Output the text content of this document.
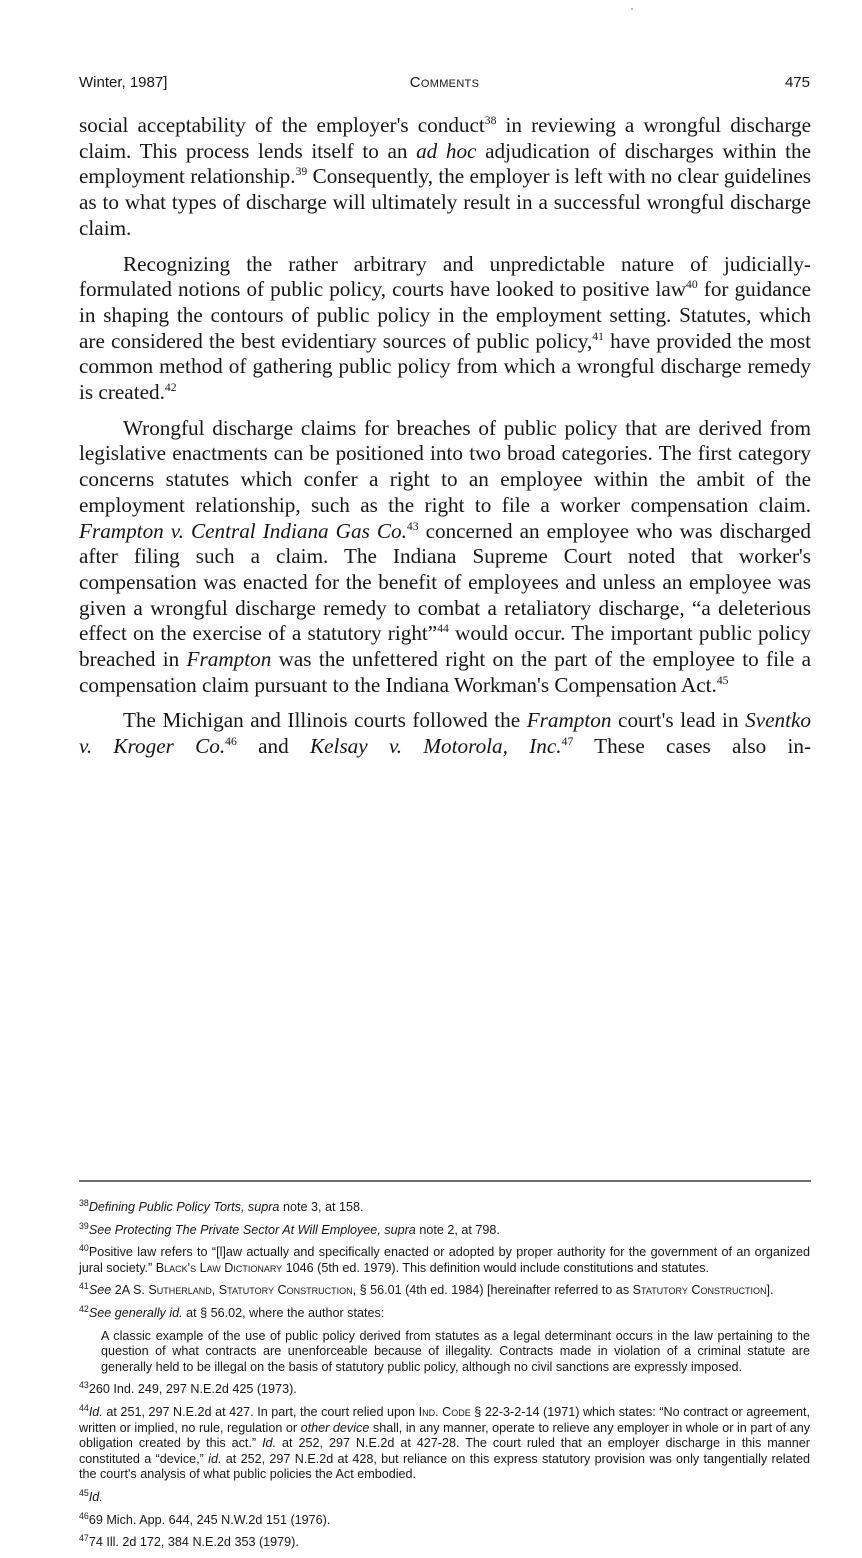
Winter, 1987]	Comments	475

social acceptability of the employer's conduct$^{38}$ in reviewing a wrongful discharge claim. This process lends itself to an ad hoc adjudication of discharges within the employment relationship.$^{39}$ Consequently, the employer is left with no clear guidelines as to what types of discharge will ultimately result in a successful wrongful discharge claim.

Recognizing the rather arbitrary and unpredictable nature of judicially-formulated notions of public policy, courts have looked to positive law$^{40}$ for guidance in shaping the contours of public policy in the employment setting. Statutes, which are considered the best evidentiary sources of public policy,$^{41}$ have provided the most common method of gathering public policy from which a wrongful discharge remedy is created.$^{42}$

Wrongful discharge claims for breaches of public policy that are derived from legislative enactments can be positioned into two broad categories. The first category concerns statutes which confer a right to an employee within the ambit of the employment relationship, such as the right to file a worker compensation claim. Frampton v. Central Indiana Gas Co.$^{43}$ concerned an employee who was discharged after filing such a claim. The Indiana Supreme Court noted that worker's compensation was enacted for the benefit of employees and unless an employee was given a wrongful discharge remedy to combat a retaliatory discharge, “a deleterious effect on the exercise of a statutory right”$^{44}$ would occur. The important public policy breached in Frampton was the unfettered right on the part of the employee to file a compensation claim pursuant to the Indiana Workman's Compensation Act.$^{45}$

The Michigan and Illinois courts followed the Frampton court's lead in Sventko v. Kroger Co.$^{46}$ and Kelsay v. Motorola, Inc.$^{47}$ These cases also in-

$^{38}$Defining Public Policy Torts, supra note 3, at 158.
$^{39}$See Protecting The Private Sector At Will Employee, supra note 2, at 798.
$^{40}$Positive law refers to “[l]aw actually and specifically enacted or adopted by proper authority for the government of an organized jural society.” Black's Law Dictionary 1046 (5th ed. 1979). This definition would include constitutions and statutes.
$^{41}$See 2A S. Sutherland, Statutory Construction, § 56.01 (4th ed. 1984) [hereinafter referred to as Statutory Construction].
$^{42}$See generally id. at § 56.02, where the author states:
A classic example of the use of public policy derived from statutes as a legal determinant occurs in the law pertaining to the question of what contracts are unenforceable because of illegality. Contracts made in violation of a criminal statute are generally held to be illegal on the basis of statutory public policy, although no civil sanctions are expressly imposed.
$^{43}$260 Ind. 249, 297 N.E.2d 425 (1973).
$^{44}$Id. at 251, 297 N.E.2d at 427. In part, the court relied upon Ind. Code § 22-3-2-14 (1971) which states: “No contract or agreement, written or implied, no rule, regulation or other device shall, in any manner, operate to relieve any employer in whole or in part of any obligation created by this act.” Id. at 252, 297 N.E.2d at 427-28. The court ruled that an employer discharge in this manner constituted a “device,” id. at 252, 297 N.E.2d at 428, but reliance on this express statutory provision was only tangentially related the court's analysis of what public policies the Act embodied.
$^{45}$Id.
$^{46}$69 Mich. App. 644, 245 N.W.2d 151 (1976).
$^{47}$74 Ill. 2d 172, 384 N.E.2d 353 (1979).
